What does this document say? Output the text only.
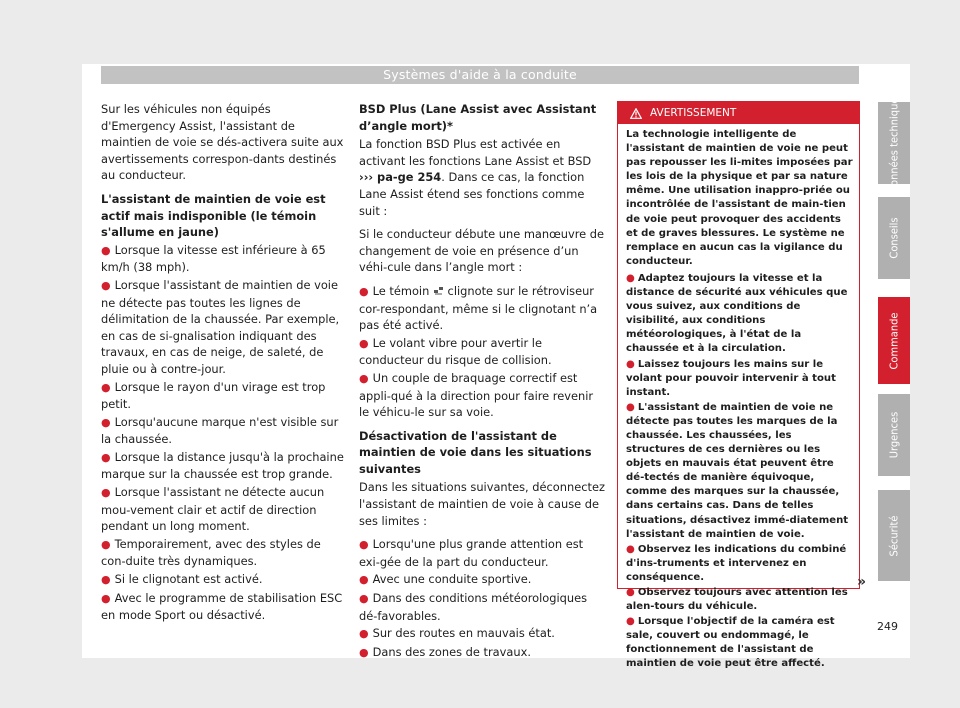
Systèmes d'aide à la conduite

Sur les véhicules non équipés d'Emergency Assist, l'assistant de maintien de voie se dés-activera suite aux avertissements correspon-dants destinés au conducteur.

L'assistant de maintien de voie est actif mais indisponible (le témoin s'allume en jaune)

● Lorsque la vitesse est inférieure à 65 km/h (38 mph).

● Lorsque l'assistant de maintien de voie ne détecte pas toutes les lignes de délimitation de la chaussée. Par exemple, en cas de si-gnalisation indiquant des travaux, en cas de neige, de saleté, de pluie ou à contre-jour.

● Lorsque le rayon d'un virage est trop petit.

● Lorsqu'aucune marque n'est visible sur la chaussée.

● Lorsque la distance jusqu'à la prochaine marque sur la chaussée est trop grande.

● Lorsque l'assistant ne détecte aucun mou-vement clair et actif de direction pendant un long moment.

● Temporairement, avec des styles de con-duite très dynamiques.

● Si le clignotant est activé.

● Avec le programme de stabilisation ESC en mode Sport ou désactivé.

BSD Plus (Lane Assist avec Assistant d’angle mort)*

La fonction BSD Plus est activée en activant les fonctions Lane Assist et BSD ››› pa-ge 254. Dans ce cas, la fonction Lane Assist étend ses fonctions comme suit :

Si le conducteur débute une manœuvre de changement de voie en présence d’un véhi-cule dans l’angle mort :

● Le témoin  clignote sur le rétroviseur cor-respondant, même si le clignotant n’a pas été activé.

● Le volant vibre pour avertir le conducteur du risque de collision.

● Un couple de braquage correctif est appli-qué à la direction pour faire revenir le véhicu-le sur sa voie.

Désactivation de l'assistant de maintien de voie dans les situations suivantes

Dans les situations suivantes, déconnectez l'assistant de maintien de voie à cause de ses limites :

● Lorsqu'une plus grande attention est exi-gée de la part du conducteur.

● Avec une conduite sportive.

● Dans des conditions météorologiques dé-favorables.

● Sur des routes en mauvais état.

● Dans des zones de travaux.

AVERTISSEMENT

La technologie intelligente de l'assistant de maintien de voie ne peut pas repousser les li-mites imposées par les lois de la physique et par sa nature même. Une utilisation inappro-priée ou incontrôlée de l'assistant de main-tien de voie peut provoquer des accidents et de graves blessures. Le système ne remplace en aucun cas la vigilance du conducteur.

● Adaptez toujours la vitesse et la distance de sécurité aux véhicules que vous suivez, aux conditions de visibilité, aux conditions météorologiques, à l'état de la chaussée et à la circulation.

● Laissez toujours les mains sur le volant pour pouvoir intervenir à tout instant.

● L'assistant de maintien de voie ne détecte pas toutes les marques de la chaussée. Les chaussées, les structures de ces dernières ou les objets en mauvais état peuvent être dé-tectés de manière équivoque, comme des marques sur la chaussée, dans certains cas. Dans de telles situations, désactivez immé-diatement l'assistant de maintien de voie.

● Observez les indications du combiné d'ins-truments et intervenez en conséquence.

● Observez toujours avec attention les alen-tours du véhicule.

● Lorsque l'objectif de la caméra est sale, couvert ou endommagé, le fonctionnement de l'assistant de maintien de voie peut être affecté.

»
Données techniques
Conseils
Commande
Urgences
Sécurité
249
